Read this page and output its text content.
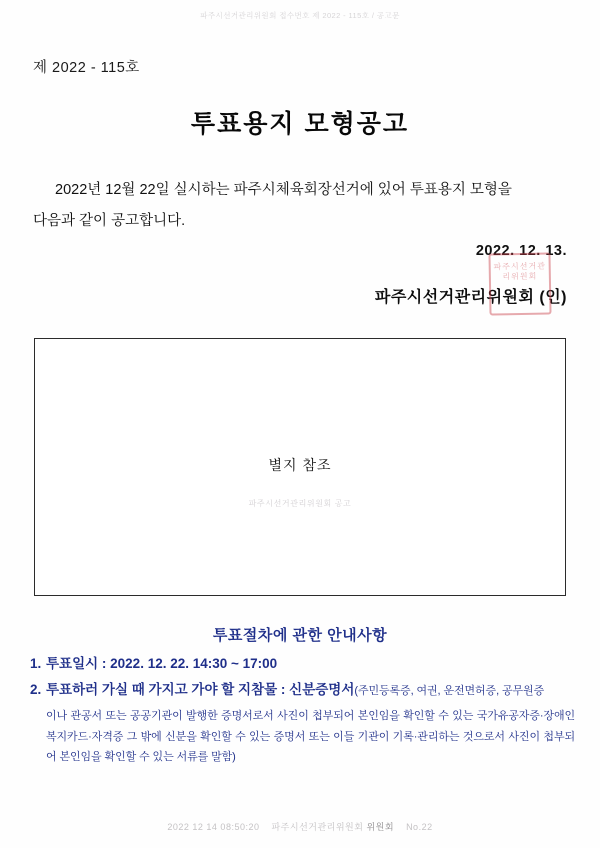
파주시선거관리위원회 접수번호 제 2022 - 115호 / 공고문
제 2022 - 115호
투표용지 모형공고
2022년 12월 22일 실시하는 파주시체육회장선거에 있어 투표용지 모형을
다음과 같이 공고합니다.
2022. 12. 13.
파주시선거관리위원회 (인)
파주시선거관리위원회
별지 참조
파주시선거관리위원회 공고
투표절차에 관한 안내사항
1. 투표일시 : 2022. 12. 22. 14:30 ~ 17:00
2. 투표하러 가실 때 가지고 가야 할 지참물 : 신분증명서(주민등록증, 여권, 운전면허증, 공무원증
이나 관공서 또는 공공기관이 발행한 증명서로서 사진이 첩부되어 본인임을 확인할 수 있는 국가유공자증·장애인복지카드·자격증 그 밖에 신분을 확인할 수 있는 증명서 또는 이들 기관이 기록·관리하는 것으로서 사진이 첩부되어 본인임을 확인할 수 있는 서류를 말함)
2022 12 14 08:50:20 파주시선거관리위원회 위원회 No.22
